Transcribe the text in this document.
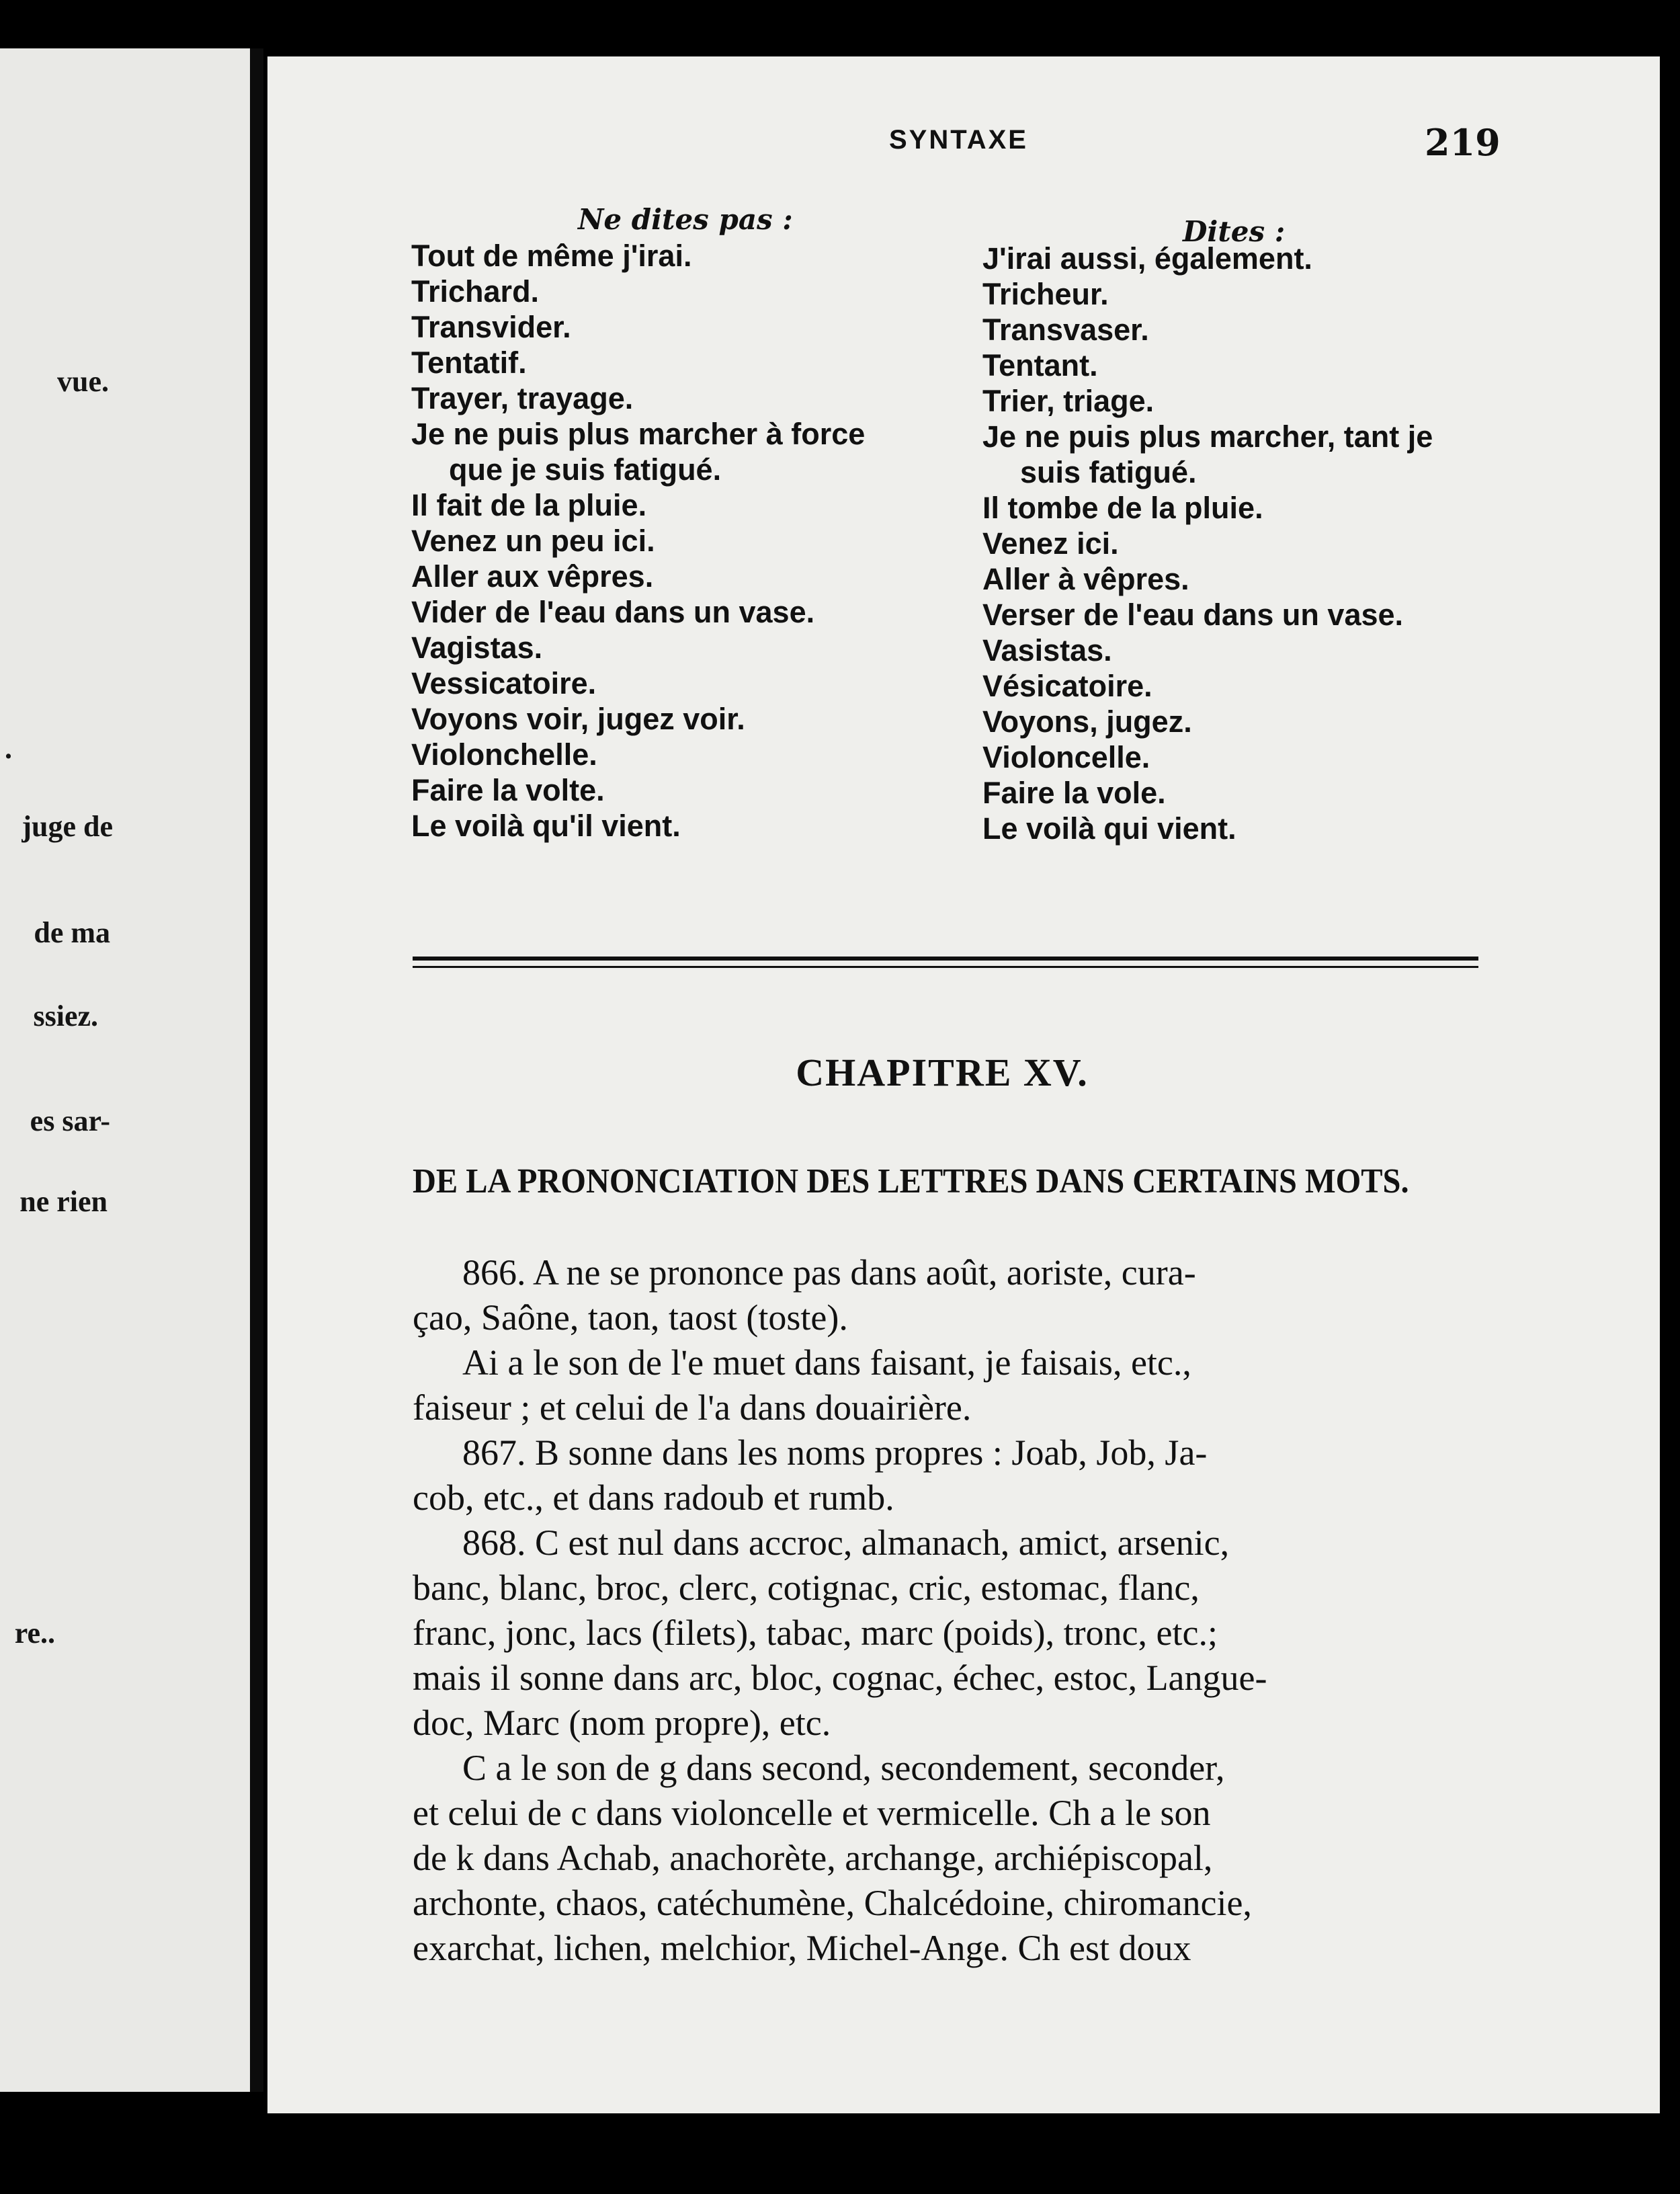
vue.
.
juge de
de ma
ssiez.
es sar-
ne rien
re..
SYNTAXE	219
Ne dites pas :	Dites :
Tout de même j'irai.
Trichard.
Transvider.
Tentatif.
Trayer, trayage.
Je ne puis plus marcher à force
que je suis fatigué.
Il fait de la pluie.
Venez un peu ici.
Aller aux vêpres.
Vider de l'eau dans un vase.
Vagistas.
Vessicatoire.
Voyons voir, jugez voir.
Violonchelle.
Faire la volte.
Le voilà qu'il vient.
J'irai aussi, également.
Tricheur.
Transvaser.
Tentant.
Trier, triage.
Je ne puis plus marcher, tant je
suis fatigué.
Il tombe de la pluie.
Venez ici.
Aller à vêpres.
Verser de l'eau dans un vase.
Vasistas.
Vésicatoire.
Voyons, jugez.
Violoncelle.
Faire la vole.
Le voilà qui vient.
CHAPITRE XV.
DE LA PRONONCIATION DES LETTRES DANS CERTAINS MOTS.
866. A ne se prononce pas dans août, aoriste, cura-
çao, Saône, taon, taost (toste).
Ai a le son de l'e muet dans faisant, je faisais, etc.,
faiseur ; et celui de l'a dans douairière.
867. B sonne dans les noms propres : Joab, Job, Ja-
cob, etc., et dans radoub et rumb.
868. C est nul dans accroc, almanach, amict, arsenic,
banc, blanc, broc, clerc, cotignac, cric, estomac, flanc,
franc, jonc, lacs (filets), tabac, marc (poids), tronc, etc.;
mais il sonne dans arc, bloc, cognac, échec, estoc, Langue-
doc, Marc (nom propre), etc.
C a le son de g dans second, secondement, seconder,
et celui de c dans violoncelle et vermicelle. Ch a le son
de k dans Achab, anachorète, archange, archiépiscopal,
archonte, chaos, catéchumène, Chalcédoine, chiromancie,
exarchat, lichen, melchior, Michel-Ange. Ch est doux
